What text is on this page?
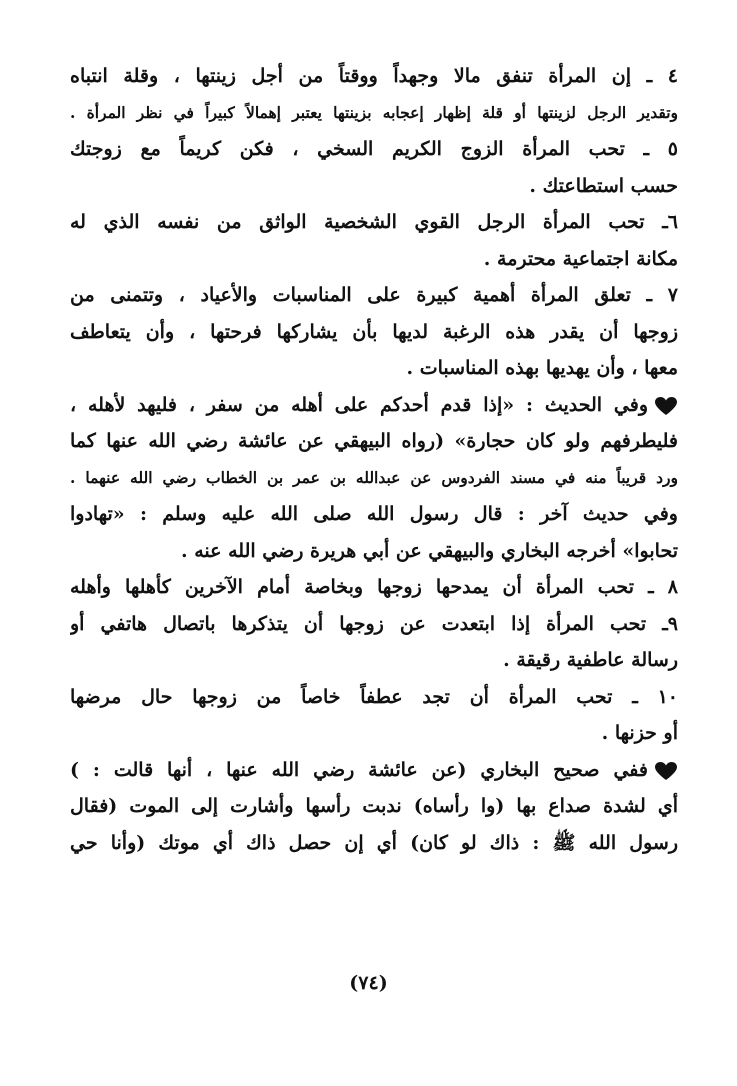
٤ ـ إن المرأة تنفق مالا وجهداً ووقتاً من أجل زينتها ، وقلة انتباه
وتقدير الرجل لزينتها أو قلة إظهار إعجابه بزينتها يعتبر إهمالاً كبيراً في نظر المرأة .
٥ ـ تحب المرأة الزوج الكريم السخي ، فكن كريماً مع زوجتك
حسب استطاعتك .
٦ـ تحب المرأة الرجل القوي الشخصية الواثق من نفسه الذي له
مكانة اجتماعية محترمة .
٧ ـ تعلق المرأة أهمية كبيرة على المناسبات والأعياد ، وتتمنى من
زوجها أن يقدر هذه الرغبة لديها بأن يشاركها فرحتها ، وأن يتعاطف
معها ، وأن يهديها بهذه المناسبات .
وفي الحديث : «إذا قدم أحدكم على أهله من سفر ، فليهد لأهله ،
فليطرفهم ولو كان حجارة» (رواه البيهقي عن عائشة رضي الله عنها كما
ورد قريباً منه في مسند الفردوس عن عبدالله بن عمر بن الخطاب رضي الله عنهما .
وفي حديث آخر : قال رسول الله صلى الله عليه وسلم : «تهادوا
تحابوا» أخرجه البخاري والبيهقي عن أبي هريرة رضي الله عنه .
٨ ـ تحب المرأة أن يمدحها زوجها وبخاصة أمام الآخرين كأهلها وأهله
٩ـ تحب المرأة إذا ابتعدت عن زوجها أن يتذكرها باتصال هاتفي أو
رسالة عاطفية رقيقة .
١٠ ـ تحب المرأة أن تجد عطفاً خاصاً من زوجها حال مرضها
أو حزنها .
ففي صحيح البخاري (عن عائشة رضي الله عنها ، أنها قالت : )
أي لشدة صداع بها (وا رأساه) ندبت رأسها وأشارت إلى الموت (فقال
رسول الله ﷺ : ذاك لو كان) أي إن حصل ذاك أي موتك (وأنا حي
(٧٤)
